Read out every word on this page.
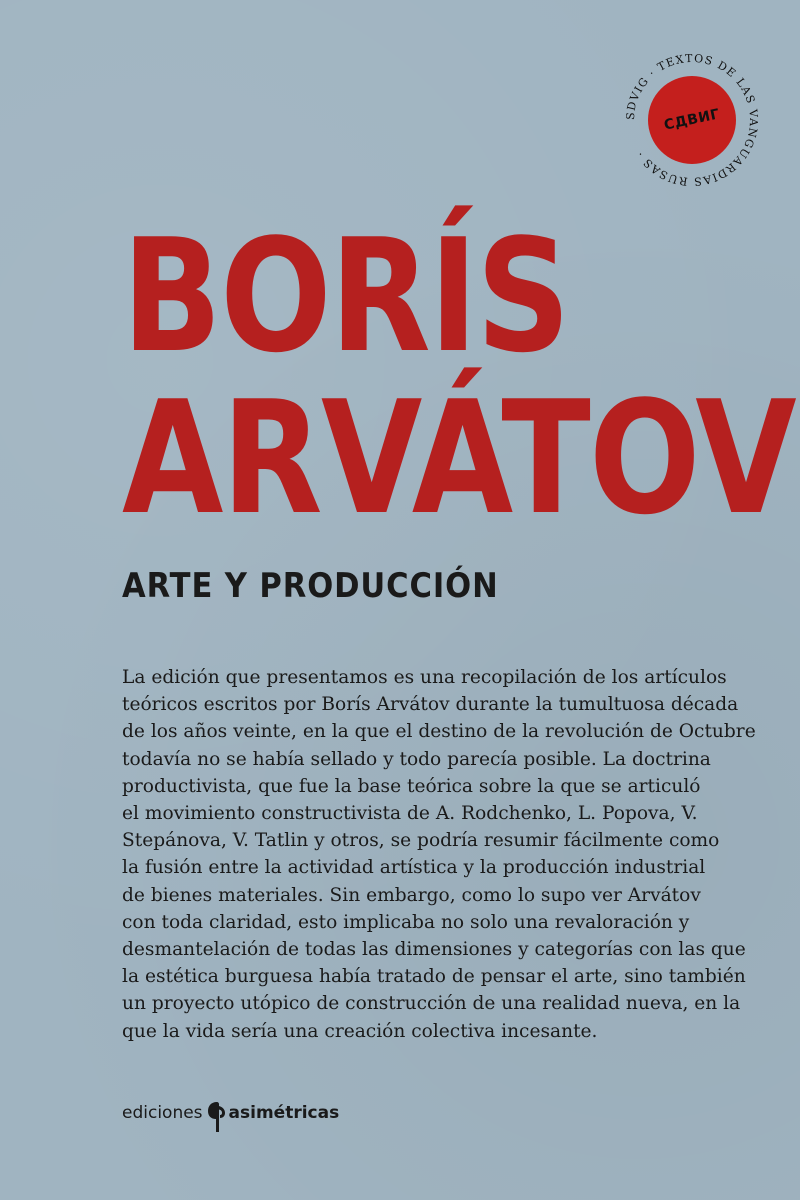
SDVIG · TEXTOS DE LAS VANGUARDIAS RUSAS ·
СДВИГ
BORÍS
ARVÁTOV
ARTE Y PRODUCCIÓN
La edición que presentamos es una recopilación de los artículos
teóricos escritos por Borís Arvátov durante la tumultuosa década
de los años veinte, en la que el destino de la revolución de Octubre
todavía no se había sellado y todo parecía posible. La doctrina
productivista, que fue la base teórica sobre la que se articuló
el movimiento constructivista de A. Rodchenko, L. Popova, V.
Stepánova, V. Tatlin y otros, se podría resumir fácilmente como
la fusión entre la actividad artística y la producción industrial
de bienes materiales. Sin embargo, como lo supo ver Arvátov
con toda claridad, esto implicaba no solo una revaloración y
desmantelación de todas las dimensiones y categorías con las que
la estética burguesa había tratado de pensar el arte, sino también
un proyecto utópico de construcción de una realidad nueva, en la
que la vida sería una creación colectiva incesante.
ediciones asimétricas
